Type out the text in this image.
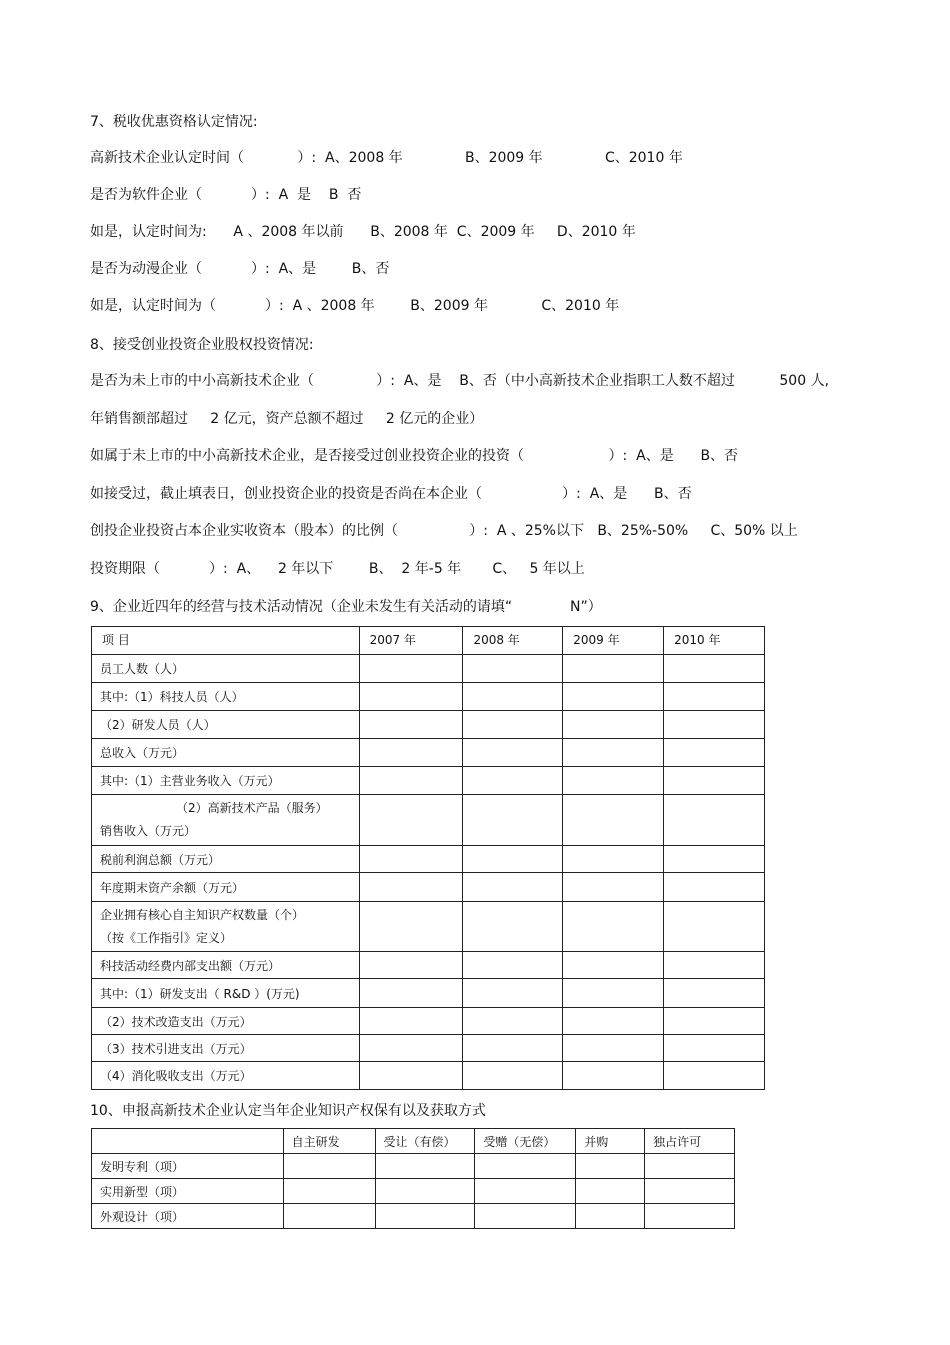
7、税收优惠资格认定情况:
高新技术企业认定时间（            ）:  A、2008 年              B、2009 年              C、2010 年
是否为软件企业（           ）:  A  是    B  否
如是，认定时间为:      A 、2008 年以前      B、2008 年  C、2009 年     D、2010 年
是否为动漫企业（           ）:  A、是        B、否
如是，认定时间为（           ）:  A 、2008 年        B、2009 年            C、2010 年
8、接受创业投资企业股权投资情况:
是否为未上市的中小高新技术企业（              ）:  A、是    B、否（中小高新技术企业指职工人数不超过          500 人,
年销售额部超过     2 亿元，资产总额不超过     2 亿元的企业）
如属于未上市的中小高新技术企业，是否接受过创业投资企业的投资（                   ）:  A、是      B、否
如接受过，截止填表日，创业投资企业的投资是否尚在本企业（                  ）:  A、是      B、否
创投企业投资占本企业实收资本（股本）的比例（                ）:  A 、25%以下   B、25%-50%     C、50% 以上
投资期限（           ）:  A、    2 年以下        B、  2 年-5 年       C、   5 年以上
9、企业近四年的经营与技术活动情况（企业未发生有关活动的请填“             N”）
项 目	2007 年	2008 年	2009 年	2010 年
员工人数（人）				
其中:（1）科技人员（人）				
（2）研发人员（人）				
总收入（万元）				
其中:（1）主营业务收入（万元）				

（2）高新技术产品（服务）
销售收入（万元）				

税前利润总额（万元）				
年度期末资产余额（万元）				

企业拥有核心自主知识产权数量（个）
（按《工作指引》定义）				

科技活动经费内部支出额（万元）				
其中:（1）研发支出（ R&D ）(万元)				
（2）技术改造支出（万元）				
（3）技术引进支出（万元）				
（4）消化吸收支出（万元）				
10、申报高新技术企业认定当年企业知识产权保有以及获取方式
	自主研发	受让（有偿）	受赠（无偿）	并购	独占许可
发明专利（项）					
实用新型（项）					
外观设计（项）					
